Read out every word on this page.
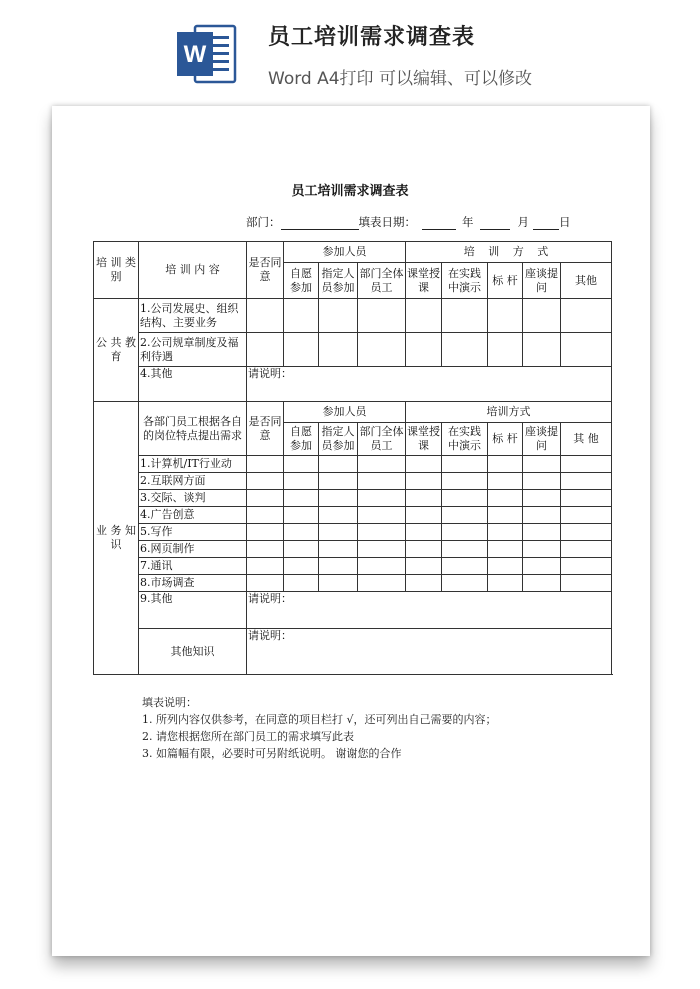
W
员工培训需求调查表
Word A4打印 可以编辑、可以修改
员工培训需求调查表
部门：	填表日期：	年	月	日
培 训 类 别	培 训 内 容	是否同意	参加人员			培 训 方 式				
			自愿参加	指定人员参加	部门全体员工	课堂授课	在实践中演示	标 杆	座谈提问	其他
公 共 教 育	1.公司发展史、组织结构、主要业务									
	2.公司规章制度及福利待遇									
	4.其他	请说明：								
业 务 知 识	各部门员工根据各自的岗位特点提出需求	是否同意	参加人员			培训方式				
			自愿参加	指定人员参加	部门全体员工	课堂授课	在实践中演示	标 杆	座谈提问	其 他
	1.计算机/IT行业动									
	2.互联网方面									
	3.交际、谈判									
	4.广告创意									
	5.写作									
	6.网页制作									
	7.通讯									
	8.市场调查									
	9.其他	请说明：								
	其他知识	请说明：								
填表说明：
1. 所列内容仅供参考，在同意的项目栏打 √，还可列出自己需要的内容；
2. 请您根据您所在部门员工的需求填写此表
3. 如篇幅有限，必要时可另附纸说明。 谢谢您的合作
